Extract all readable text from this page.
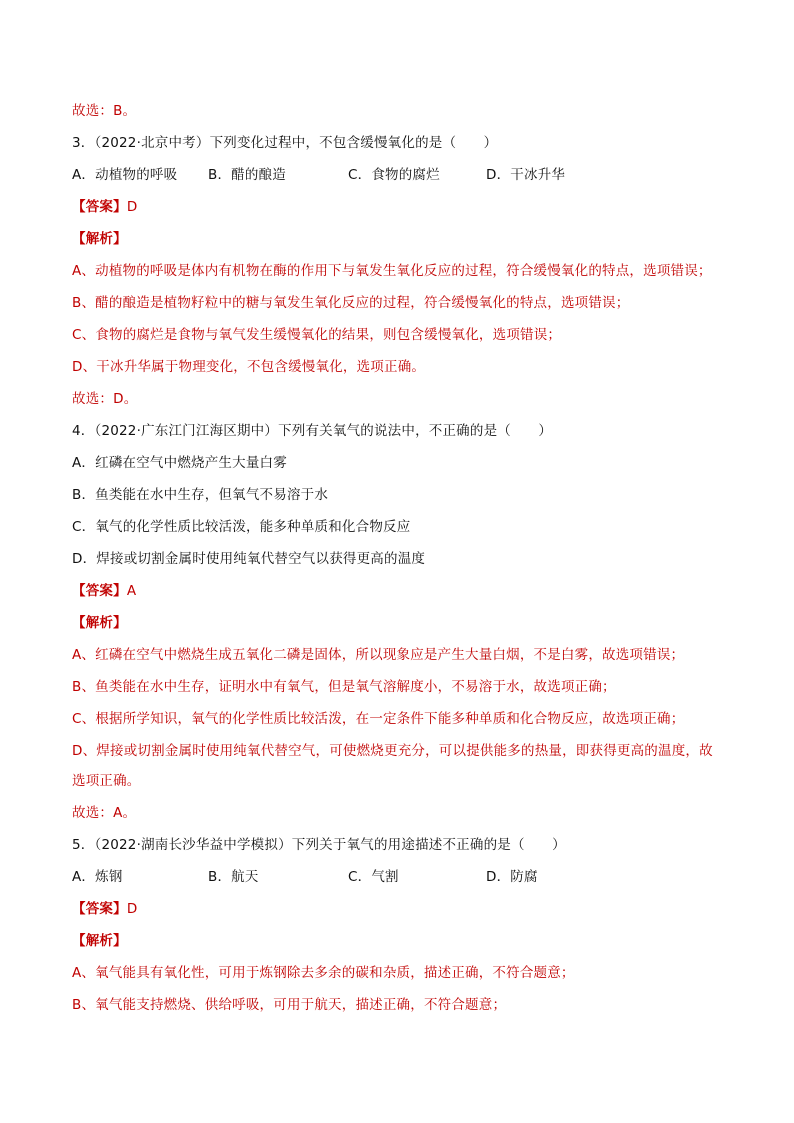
故选：B。
3．（2022·北京中考）下列变化过程中，不包含缓慢氧化的是（　　）
A．动植物的呼吸 B．醋的酿造	C．食物的腐烂	D．干冰升华
【答案】D
【解析】
A、动植物的呼吸是体内有机物在酶的作用下与氧发生氧化反应的过程，符合缓慢氧化的特点，选项错误；
B、醋的酿造是植物籽粒中的糖与氧发生氧化反应的过程，符合缓慢氧化的特点，选项错误；
C、食物的腐烂是食物与氧气发生缓慢氧化的结果，则包含缓慢氧化，选项错误；
D、干冰升华属于物理变化，不包含缓慢氧化，选项正确。
故选：D。
4．（2022·广东江门江海区期中）下列有关氧气的说法中，不正确的是（　　）
A．红磷在空气中燃烧产生大量白雾
B．鱼类能在水中生存，但氧气不易溶于水
C．氧气的化学性质比较活泼，能多种单质和化合物反应
D．焊接或切割金属时使用纯氧代替空气以获得更高的温度
【答案】A
【解析】
A、红磷在空气中燃烧生成五氧化二磷是固体，所以现象应是产生大量白烟，不是白雾，故选项错误；
B、鱼类能在水中生存，证明水中有氧气，但是氧气溶解度小，不易溶于水，故选项正确；
C、根据所学知识，氧气的化学性质比较活泼，在一定条件下能多种单质和化合物反应，故选项正确；
D、焊接或切割金属时使用纯氧代替空气，可使燃烧更充分，可以提供能多的热量，即获得更高的温度，故
选项正确。
故选：A。
5．（2022·湖南长沙华益中学模拟）下列关于氧气的用途描述不正确的是（　　）
A．炼钢	B．航天	C．气割	D．防腐
【答案】D
【解析】
A、氧气能具有氧化性，可用于炼钢除去多余的碳和杂质，描述正确，不符合题意；
B、氧气能支持燃烧、供给呼吸，可用于航天，描述正确，不符合题意；
